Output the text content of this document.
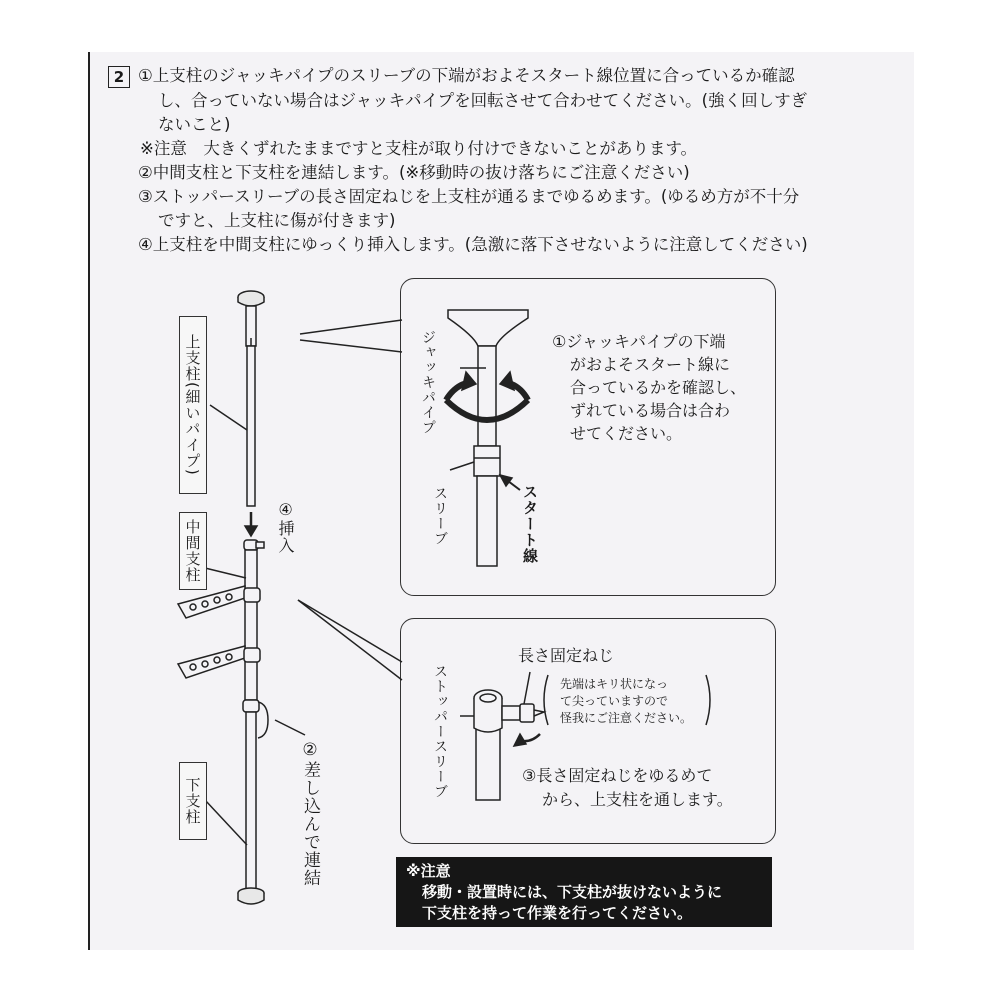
2 ①上支柱のジャッキパイプのスリーブの下端がおよそスタート線位置に合っているか確認
し、合っていない場合はジャッキパイプを回転させて合わせてください。(強く回しすぎ
ないこと)
※注意　大きくずれたままですと支柱が取り付けできないことがあります。
②中間支柱と下支柱を連結します。(※移動時の抜け落ちにご注意ください)
③ストッパースリーブの長さ固定ねじを上支柱が通るまでゆるめます。(ゆるめ方が不十分
ですと、上支柱に傷が付きます)
④上支柱を中間支柱にゆっくり挿入します。(急激に落下させないように注意してください)
上支柱(細いパイプ)
中間支柱
下支柱
④挿入
②差し込んで連結
ジャッキパイプ
スリーブ	スタート線
①ジャッキパイプの下端
がおよそスタート線に
合っているかを確認し、
ずれている場合は合わ
せてください。
長さ固定ねじ
ストッパースリーブ	先端はキリ状になっ
て尖っていますので
怪我にご注意ください。
③長さ固定ねじをゆるめて
から、上支柱を通します。
※注意
移動・設置時には、下支柱が抜けないように
下支柱を持って作業を行ってください。
